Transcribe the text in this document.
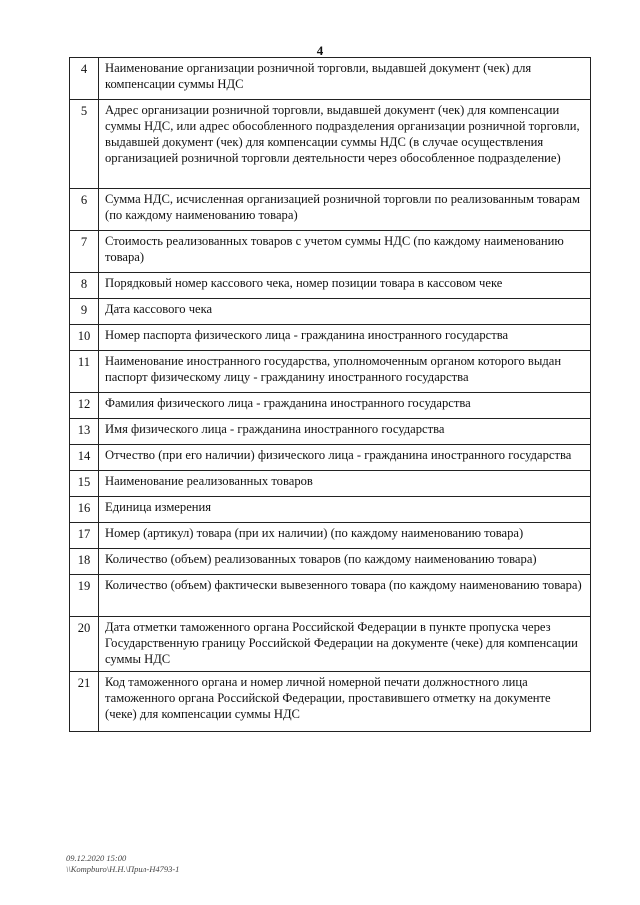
4
4	Наименование организации розничной торговли, выдавшей документ (чек) для компенсации суммы НДС
5	Адрес организации розничной торговли, выдавшей документ (чек) для компенсации суммы НДС, или адрес обособленного подразделения организации розничной торговли, выдавшей документ (чек) для компенсации суммы НДС (в случае осуществления организацией розничной торговли деятельности через обособленное подразделение)
6	Сумма НДС, исчисленная организацией розничной торговли по реализованным товарам (по каждому наименованию товара)
7	Стоимость реализованных товаров с учетом суммы НДС (по каждому наименованию товара)
8	Порядковый номер кассового чека, номер позиции товара в кассовом чеке
9	Дата кассового чека
10	Номер паспорта физического лица - гражданина иностранного государства
11	Наименование иностранного государства, уполномоченным органом которого выдан паспорт физическому лицу - гражданину иностранного государства
12	Фамилия физического лица - гражданина иностранного государства
13	Имя физического лица - гражданина иностранного государства
14	Отчество (при его наличии) физического лица - гражданина иностранного государства
15	Наименование реализованных товаров
16	Единица измерения
17	Номер (артикул) товара (при их наличии) (по каждому наименованию товара)
18	Количество (объем) реализованных товаров (по каждому наименованию товара)
19	Количество (объем) фактически вывезенного товара (по каждому наименованию товара)
20	Дата отметки таможенного органа Российской Федерации в пункте пропуска через Государственную границу Российской Федерации на документе (чеке) для компенсации суммы НДС
21	Код таможенного органа и номер личной номерной печати должностного лица таможенного органа Российской Федерации, проставившего отметку на документе (чеке) для компенсации суммы НДС
09.12.2020 15:00
\\Kompburo\Н.Н.\Прил-Н4793-1
